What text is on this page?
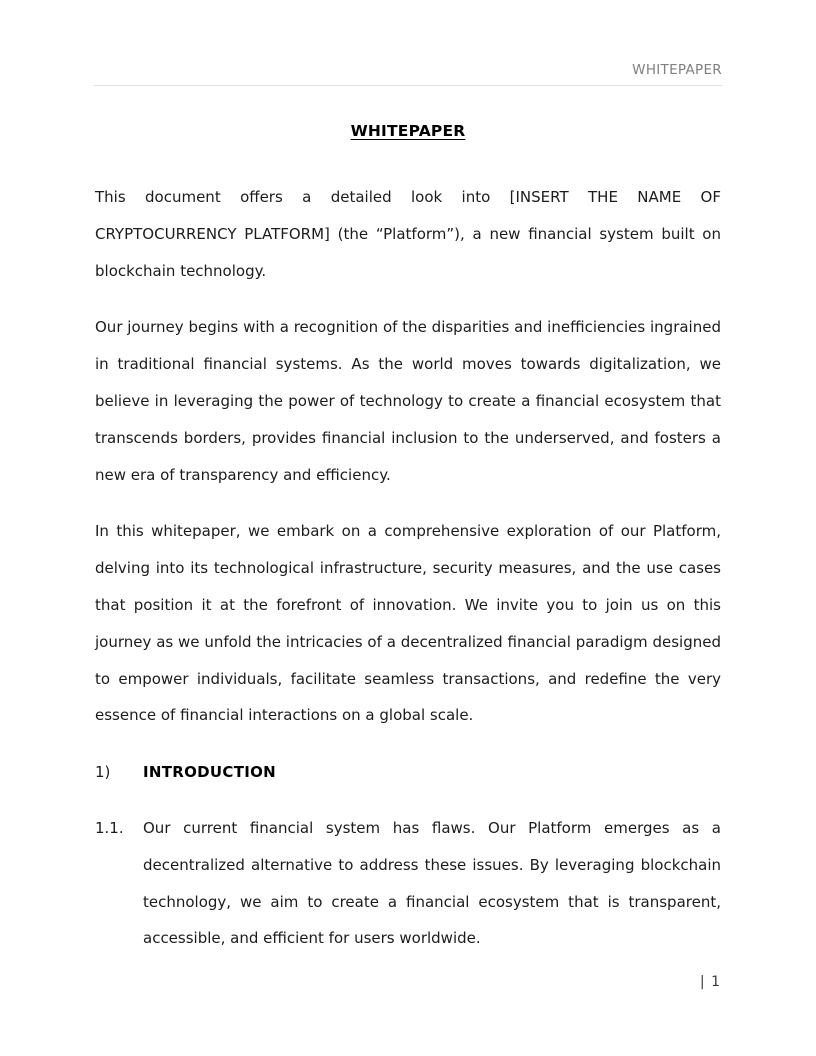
WHITEPAPER
WHITEPAPER

This document offers a detailed look into [INSERT THE NAME OF CRYPTOCURRENCY PLATFORM] (the “Platform”), a new financial system built on blockchain technology.

Our journey begins with a recognition of the disparities and inefficiencies ingrained in traditional financial systems. As the world moves towards digitalization, we believe in leveraging the power of technology to create a financial ecosystem that transcends borders, provides financial inclusion to the underserved, and fosters a new era of transparency and efficiency.

In this whitepaper, we embark on a comprehensive exploration of our Platform, delving into its technological infrastructure, security measures, and the use cases that position it at the forefront of innovation. We invite you to join us on this journey as we unfold the intricacies of a decentralized financial paradigm designed to empower individuals, facilitate seamless transactions, and redefine the very essence of financial interactions on a global scale.

1)	INTRODUCTION
1.1.	Our current financial system has flaws. Our Platform emerges as a decentralized alternative to address these issues. By leveraging blockchain technology, we aim to create a financial ecosystem that is transparent, accessible, and efficient for users worldwide.
| 1
